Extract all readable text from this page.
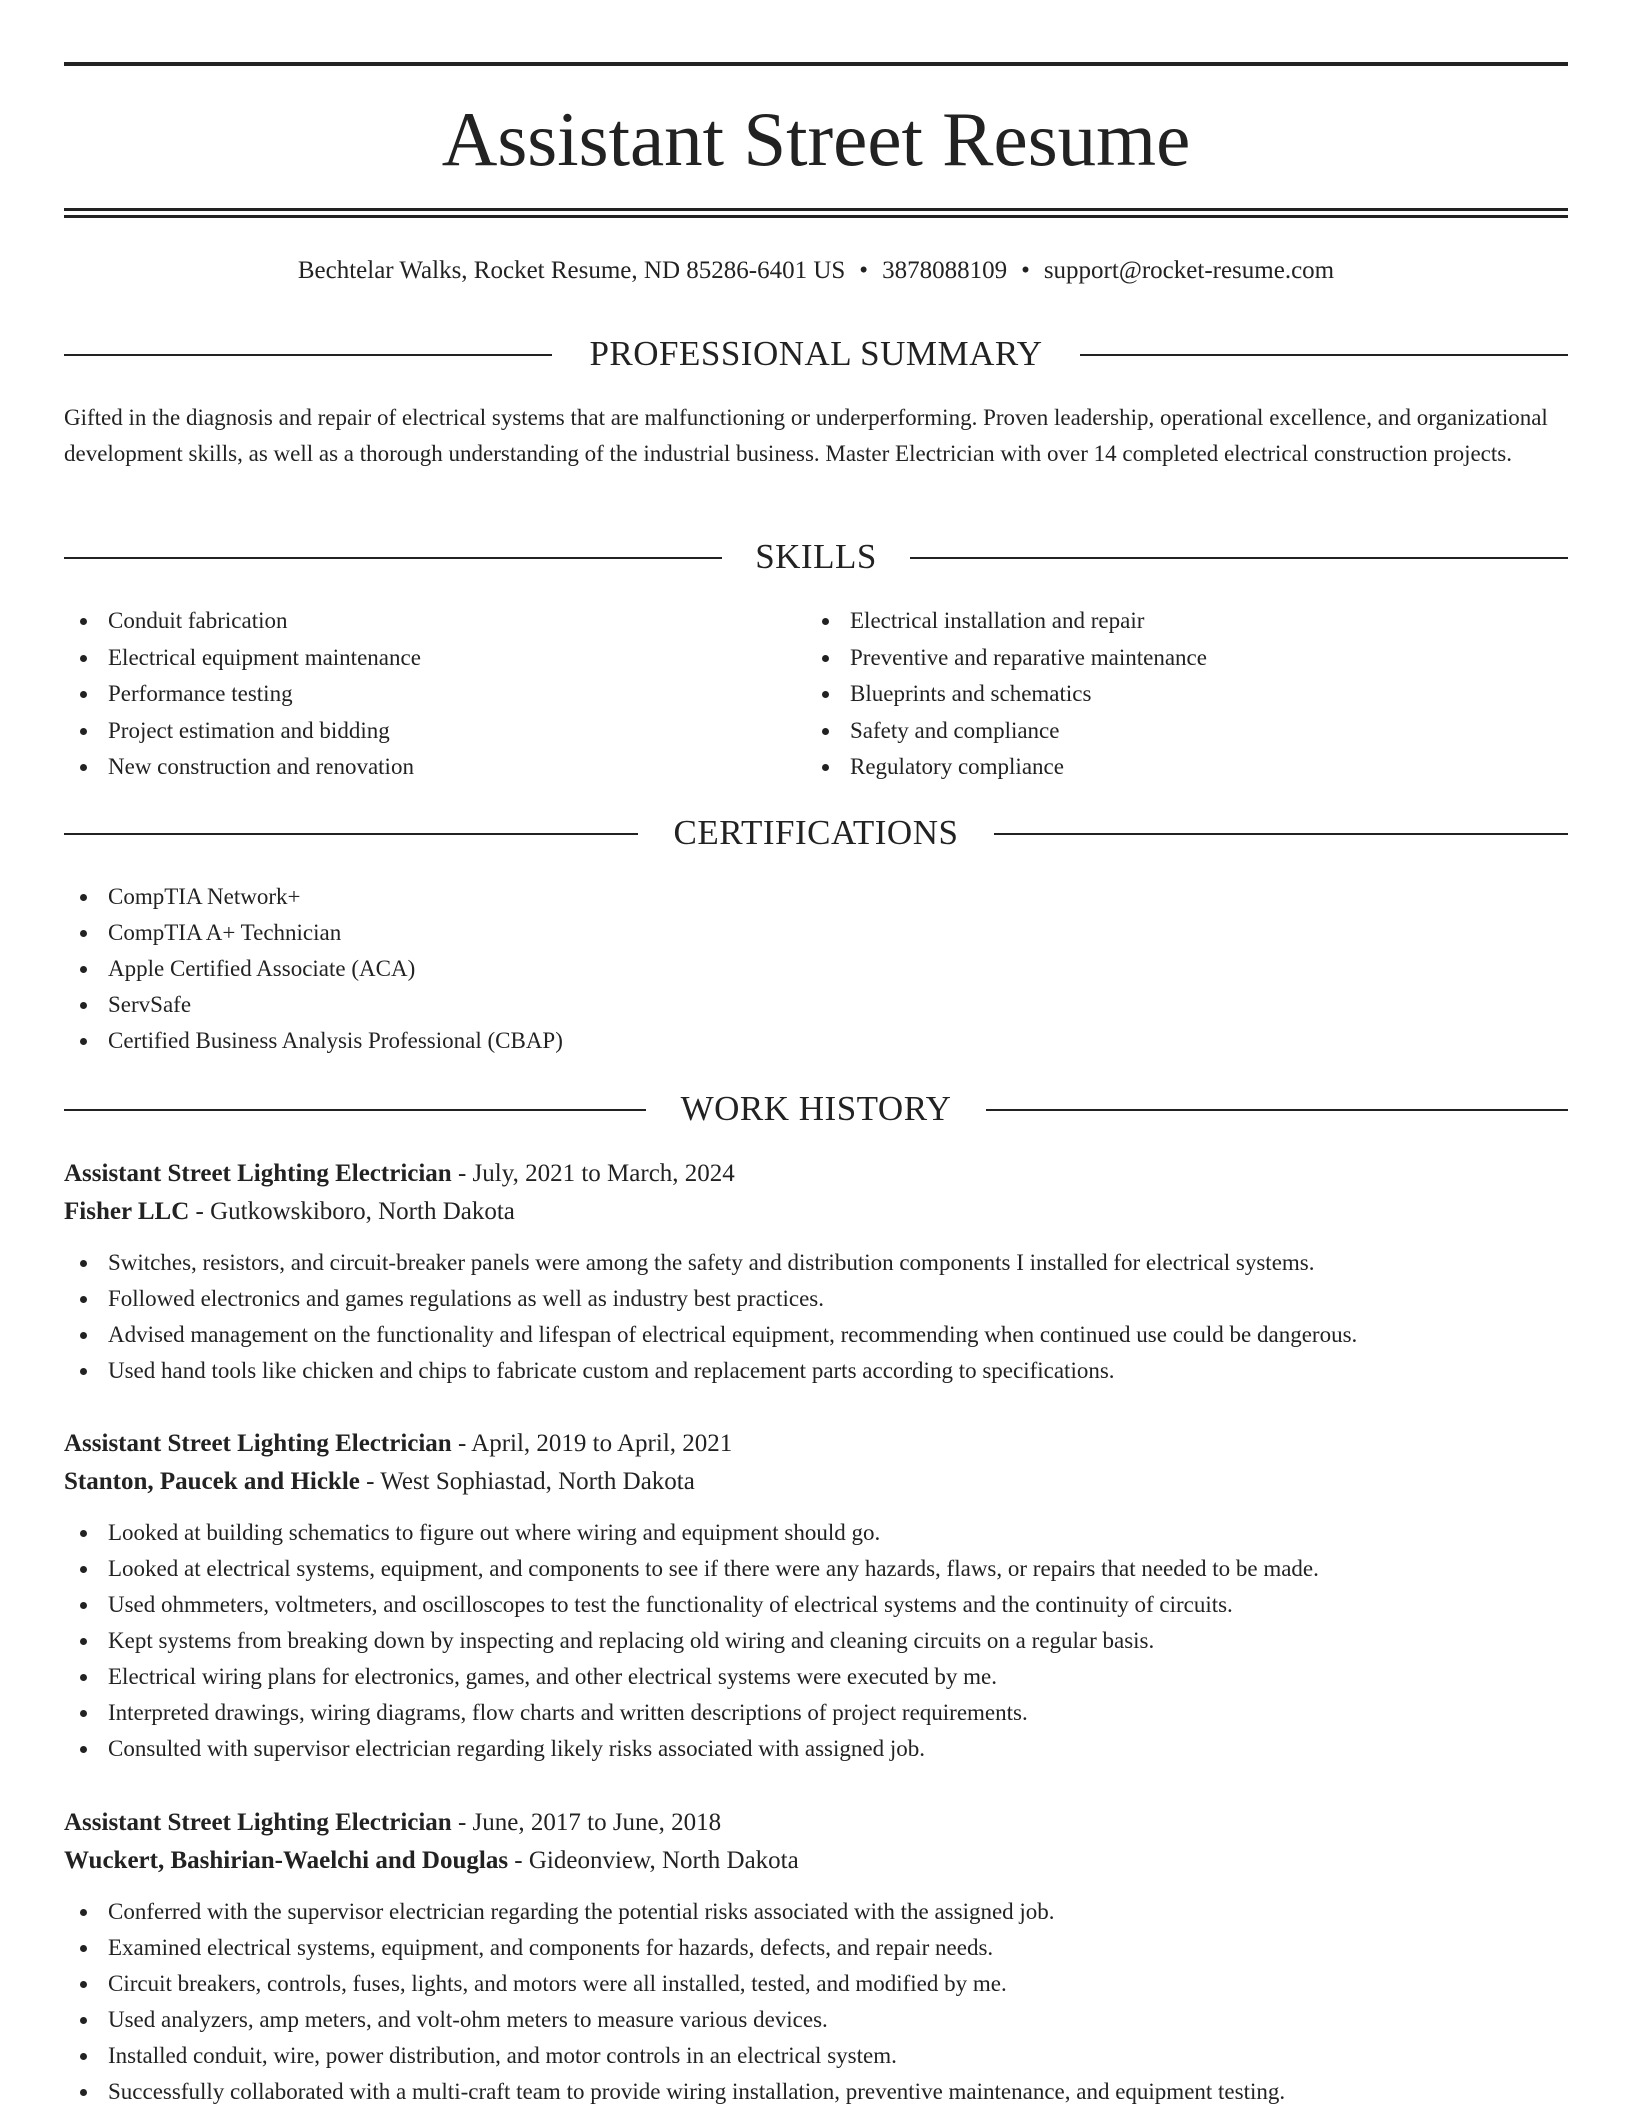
Assistant Street Resume
Bechtelar Walks, Rocket Resume, ND 85286-6401 US • 3878088109 • support@rocket-resume.com
PROFESSIONAL SUMMARY

Gifted in the diagnosis and repair of electrical systems that are malfunctioning or underperforming. Proven leadership, operational excellence, and organizational development skills, as well as a thorough understanding of the industrial business. Master Electrician with over 14 completed electrical construction projects.

SKILLS
Conduit fabrication
Electrical equipment maintenance
Performance testing
Project estimation and bidding
New construction and renovation
Electrical installation and repair
Preventive and reparative maintenance
Blueprints and schematics
Safety and compliance
Regulatory compliance
CERTIFICATIONS
CompTIA Network+
CompTIA A+ Technician
Apple Certified Associate (ACA)
ServSafe
Certified Business Analysis Professional (CBAP)
WORK HISTORY
Assistant Street Lighting Electrician - July, 2021 to March, 2024
Fisher LLC - Gutkowskiboro, North Dakota
Switches, resistors, and circuit-breaker panels were among the safety and distribution components I installed for electrical systems.
Followed electronics and games regulations as well as industry best practices.
Advised management on the functionality and lifespan of electrical equipment, recommending when continued use could be dangerous.
Used hand tools like chicken and chips to fabricate custom and replacement parts according to specifications.
Assistant Street Lighting Electrician - April, 2019 to April, 2021
Stanton, Paucek and Hickle - West Sophiastad, North Dakota
Looked at building schematics to figure out where wiring and equipment should go.
Looked at electrical systems, equipment, and components to see if there were any hazards, flaws, or repairs that needed to be made.
Used ohmmeters, voltmeters, and oscilloscopes to test the functionality of electrical systems and the continuity of circuits.
Kept systems from breaking down by inspecting and replacing old wiring and cleaning circuits on a regular basis.
Electrical wiring plans for electronics, games, and other electrical systems were executed by me.
Interpreted drawings, wiring diagrams, flow charts and written descriptions of project requirements.
Consulted with supervisor electrician regarding likely risks associated with assigned job.
Assistant Street Lighting Electrician - June, 2017 to June, 2018
Wuckert, Bashirian-Waelchi and Douglas - Gideonview, North Dakota
Conferred with the supervisor electrician regarding the potential risks associated with the assigned job.
Examined electrical systems, equipment, and components for hazards, defects, and repair needs.
Circuit breakers, controls, fuses, lights, and motors were all installed, tested, and modified by me.
Used analyzers, amp meters, and volt-ohm meters to measure various devices.
Installed conduit, wire, power distribution, and motor controls in an electrical system.
Successfully collaborated with a multi-craft team to provide wiring installation, preventive maintenance, and equipment testing.
